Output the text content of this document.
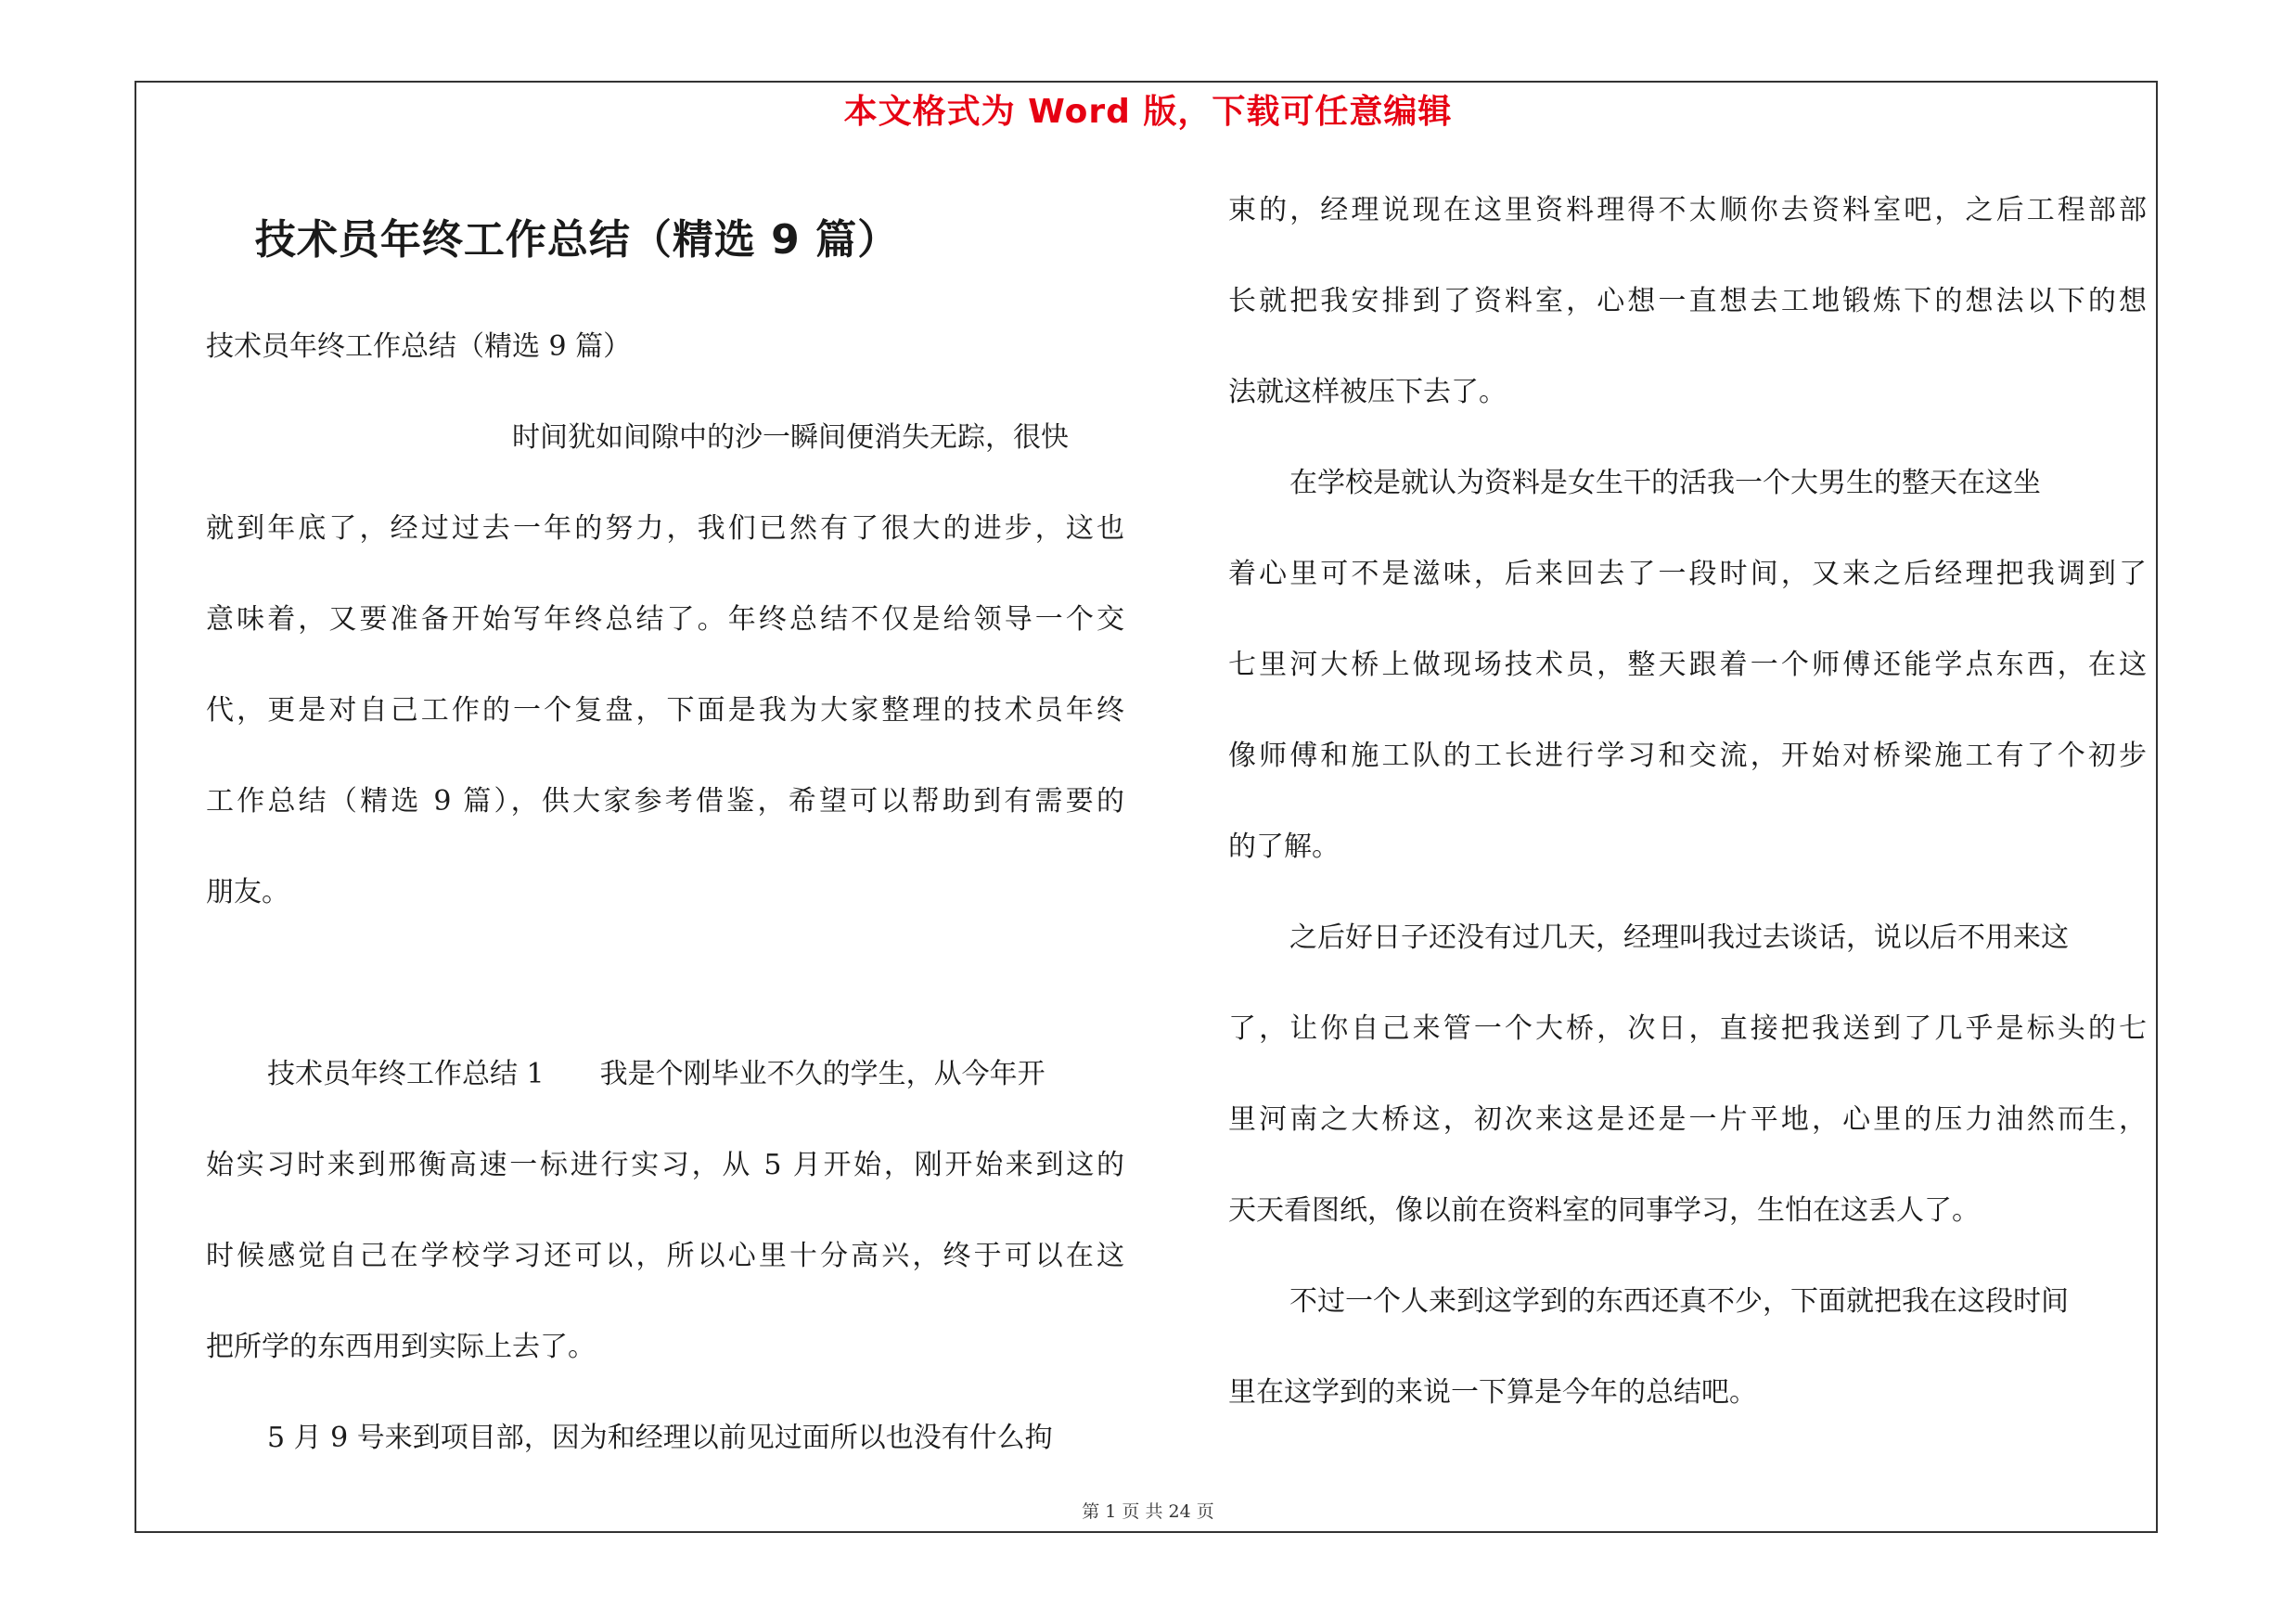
本文格式为 Word 版，下载可任意编辑
技术员年终工作总结（精选 9 篇）
技术员年终工作总结（精选 9 篇）
时间犹如间隙中的沙一瞬间便消失无踪，很快
就到年底了，经过过去一年的努力，我们已然有了很大的进步，这也
意味着，又要准备开始写年终总结了。年终总结不仅是给领导一个交
代，更是对自己工作的一个复盘，下面是我为大家整理的技术员年终
工作总结（精选 9 篇），供大家参考借鉴，希望可以帮助到有需要的
朋友。
技术员年终工作总结 1　　我是个刚毕业不久的学生，从今年开
始实习时来到邢衡高速一标进行实习，从 5 月开始，刚开始来到这的
时候感觉自己在学校学习还可以，所以心里十分高兴，终于可以在这
把所学的东西用到实际上去了。
5 月 9 号来到项目部，因为和经理以前见过面所以也没有什么拘
束的，经理说现在这里资料理得不太顺你去资料室吧，之后工程部部
长就把我安排到了资料室，心想一直想去工地锻炼下的想法以下的想
法就这样被压下去了。
在学校是就认为资料是女生干的活我一个大男生的整天在这坐
着心里可不是滋味，后来回去了一段时间，又来之后经理把我调到了
七里河大桥上做现场技术员，整天跟着一个师傅还能学点东西，在这
像师傅和施工队的工长进行学习和交流，开始对桥梁施工有了个初步
的了解。
之后好日子还没有过几天，经理叫我过去谈话，说以后不用来这
了，让你自己来管一个大桥，次日，直接把我送到了几乎是标头的七
里河南之大桥这，初次来这是还是一片平地，心里的压力油然而生，
天天看图纸，像以前在资料室的同事学习，生怕在这丢人了。
不过一个人来到这学到的东西还真不少，下面就把我在这段时间
里在这学到的来说一下算是今年的总结吧。
第 1 页 共 24 页
